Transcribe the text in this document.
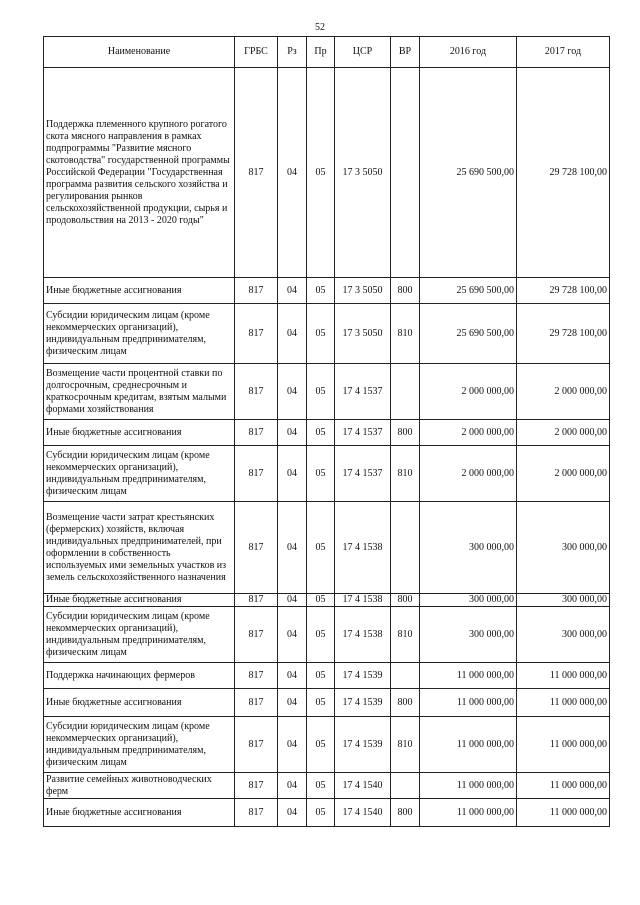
52
Наименование	ГРБС	Рз	Пр	ЦСР	ВР	2016 год	2017 год
Поддержка племенного крупного рогатого скота мясного направления в рамках подпрограммы "Развитие мясного скотоводства" государственной программы Российской Федерации "Государственная программа развития сельского хозяйства и регулирования рынков сельскохозяйственной продукции, сырья и продовольствия на 2013 - 2020 годы"	817	04	05	17 3 5050		25 690 500,00	29 728 100,00
Иные бюджетные ассигнования	817	04	05	17 3 5050	800	25 690 500,00	29 728 100,00
Субсидии юридическим лицам (кроме некоммерческих организаций), индивидуальным предпринимателям, физическим лицам	817	04	05	17 3 5050	810	25 690 500,00	29 728 100,00
Возмещение части процентной ставки по долгосрочным, среднесрочным и краткосрочным кредитам, взятым малыми формами хозяйствования	817	04	05	17 4 1537		2 000 000,00	2 000 000,00
Иные бюджетные ассигнования	817	04	05	17 4 1537	800	2 000 000,00	2 000 000,00
Субсидии юридическим лицам (кроме некоммерческих организаций), индивидуальным предпринимателям, физическим лицам	817	04	05	17 4 1537	810	2 000 000,00	2 000 000,00
Возмещение части затрат крестьянских (фермерских) хозяйств, включая индивидуальных предпринимателей, при оформлении в собственность используемых ими земельных участков из земель сельскохозяйственного назначения	817	04	05	17 4 1538		300 000,00	300 000,00
Иные бюджетные ассигнования	817	04	05	17 4 1538	800	300 000,00	300 000,00
Субсидии юридическим лицам (кроме некоммерческих организаций), индивидуальным предпринимателям, физическим лицам	817	04	05	17 4 1538	810	300 000,00	300 000,00
Поддержка начинающих фермеров	817	04	05	17 4 1539		11 000 000,00	11 000 000,00
Иные бюджетные ассигнования	817	04	05	17 4 1539	800	11 000 000,00	11 000 000,00
Субсидии юридическим лицам (кроме некоммерческих организаций), индивидуальным предпринимателям, физическим лицам	817	04	05	17 4 1539	810	11 000 000,00	11 000 000,00
Развитие семейных животноводческих ферм	817	04	05	17 4 1540		11 000 000,00	11 000 000,00
Иные бюджетные ассигнования	817	04	05	17 4 1540	800	11 000 000,00	11 000 000,00
